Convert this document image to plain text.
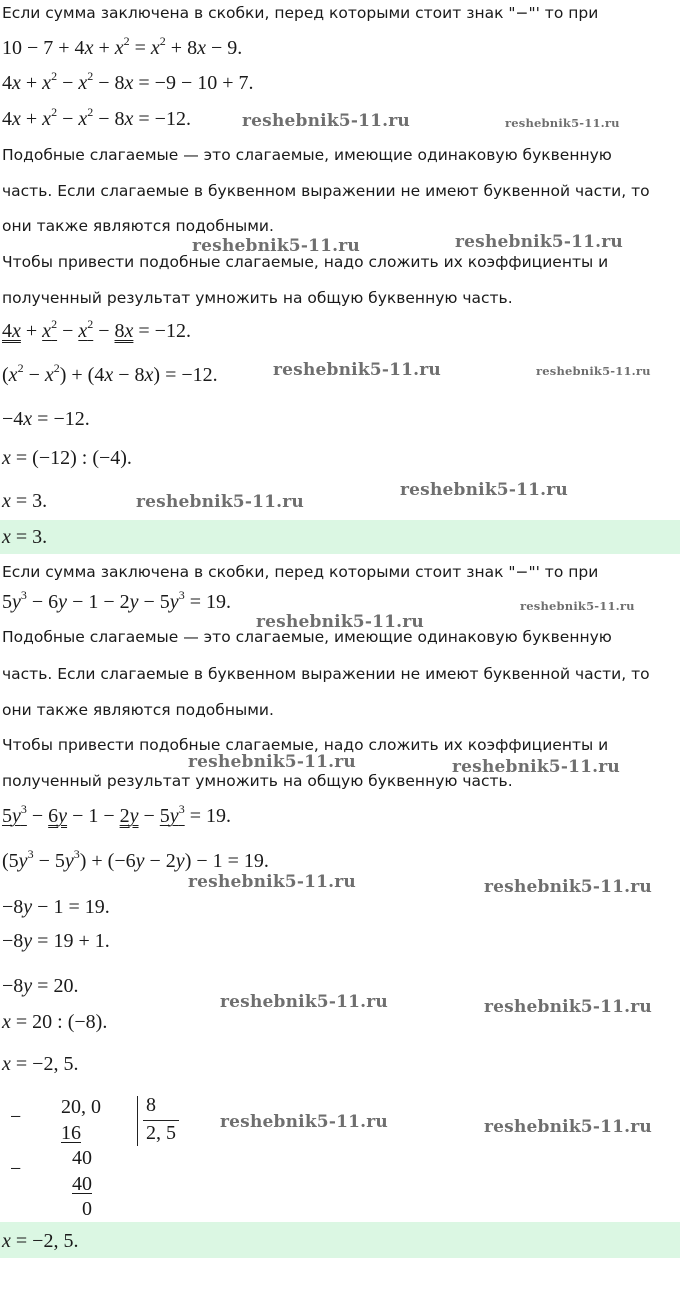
Если сумма заключена в скобки, перед которыми стоит знак "−"' то при
$10 - 7 + 4x + x^2 = x^2 + 8x - 9$.
$4x + x^2 - x^2 - 8x = -9 - 10 + 7$.
$4x + x^2 - x^2 - 8x = -12$.
Подобные слагаемые — это слагаемые, имеющие одинаковую буквенную
часть. Если слагаемые в буквенном выражении не имеют буквенной части, то
они также являются подобными.
Чтобы привести подобные слагаемые, надо сложить их коэффициенты и
полученный результат умножить на общую буквенную часть.
$4x + x^2 - x^2 - 8x = -12$.
$(x^2 - x^2) + (4x - 8x) = -12$.
−4x = −12.
x = (−12) : (−4).
x = 3.
x = 3.
Если сумма заключена в скобки, перед которыми стоит знак "−"' то при
$5y^3 - 6y - 1 - 2y - 5y^3 = 19$.
Подобные слагаемые — это слагаемые, имеющие одинаковую буквенную
часть. Если слагаемые в буквенном выражении не имеют буквенной части, то
они также являются подобными.
Чтобы привести подобные слагаемые, надо сложить их коэффициенты и
полученный результат умножить на общую буквенную часть.
$5y^3 - 6y - 1 - 2y - 5y^3 = 19$.
$(5y^3 - 5y^3) + (-6y - 2y) - 1 = 19$.
−8y − 1 = 19.
−8y = 19 + 1.
−8y = 20.
x = 20 : (−8).
x = −2, 5.
− 20, 0 8
2, 5
16
−	40
40
0
x = −2, 5.
reshebnik5-11.ru	reshebnik5-11.ru
reshebnik5-11.ru	reshebnik5-11.ru
reshebnik5-11.ru	reshebnik5-11.ru
reshebnik5-11.ru
reshebnik5-11.ru
reshebnik5-11.ru
reshebnik5-11.ru
reshebnik5-11.ru	reshebnik5-11.ru
reshebnik5-11.ru	reshebnik5-11.ru
reshebnik5-11.ru	reshebnik5-11.ru
reshebnik5-11.ru	reshebnik5-11.ru
